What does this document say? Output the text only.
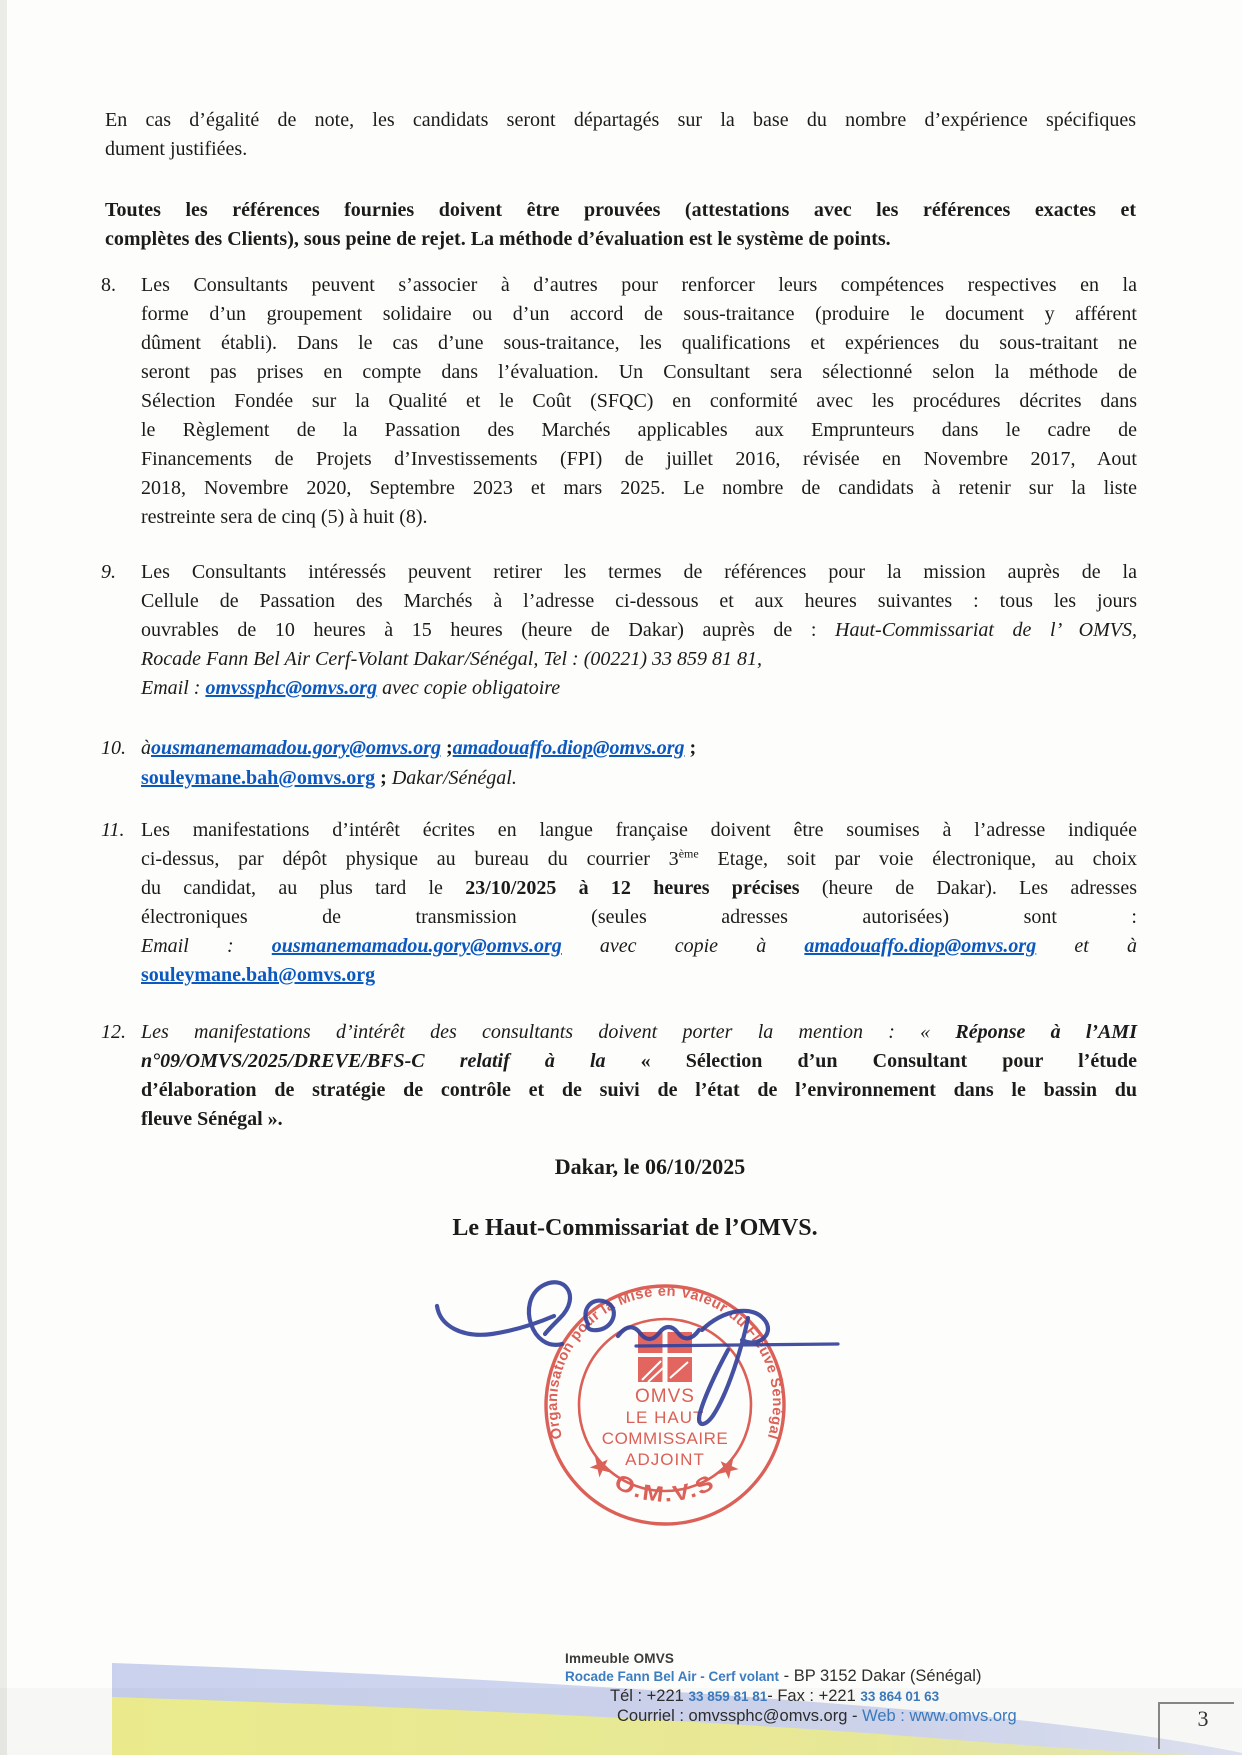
En cas d’égalité de note, les candidats seront départagés sur la base du nombre d’expérience spécifiques
dument justifiées.
Toutes les références fournies doivent être prouvées (attestations avec les références exactes et
complètes des Clients), sous peine de rejet. La méthode d’évaluation est le système de points.
8.	Les Consultants peuvent s’associer à d’autres pour renforcer leurs compétences respectives en la
forme d’un groupement solidaire ou d’un accord de sous-traitance (produire le document y afférent
dûment établi). Dans le cas d’une sous-traitance, les qualifications et expériences du sous-traitant ne
seront pas prises en compte dans l’évaluation. Un Consultant sera sélectionné selon la méthode de
Sélection Fondée sur la Qualité et le Coût (SFQC) en conformité avec les procédures décrites dans
le Règlement de la Passation des Marchés applicables aux Emprunteurs dans le cadre de
Financements de Projets d’Investissements (FPI) de juillet 2016, révisée en Novembre 2017, Aout
2018, Novembre 2020, Septembre 2023 et mars 2025. Le nombre de candidats à retenir sur la liste
restreinte sera de cinq (5) à huit (8).
9.	Les Consultants intéressés peuvent retirer les termes de références pour la mission auprès de la
Cellule de Passation des Marchés à l’adresse ci-dessous et aux heures suivantes : tous les jours
ouvrables de 10 heures à 15 heures (heure de Dakar) auprès de : Haut-Commissariat de l’ OMVS,
Rocade Fann Bel Air Cerf-Volant Dakar/Sénégal, Tel : (00221) 33 859 81 81,
Email : omvssphc@omvs.org avec copie obligatoire
10. àousmanemamadou.gory@omvs.org ;amadouaffo.diop@omvs.org ;
souleymane.bah@omvs.org ; Dakar/Sénégal.
11. Les manifestations d’intérêt écrites en langue française doivent être soumises à l’adresse indiquée
ci-dessus, par dépôt physique au bureau du courrier 3ème Etage, soit par voie électronique, au choix
du candidat, au plus tard le 23/10/2025 à 12 heures précises (heure de Dakar). Les adresses
électroniques de transmission (seules adresses autorisées) sont :
Email : ousmanemamadou.gory@omvs.org avec copie à amadouaffo.diop@omvs.org et à
souleymane.bah@omvs.org
12. Les manifestations d’intérêt des consultants doivent porter la mention : « Réponse à l’AMI
n°09/OMVS/2025/DREVE/BFS-C relatif à la « Sélection d’un Consultant pour l’étude
d’élaboration de stratégie de contrôle et de suivi de l’état de l’environnement dans le bassin du
fleuve Sénégal ».
Dakar, le 06/10/2025
Le Haut-Commissariat de l’OMVS.
Organisation pour la Mise en Valeur du Fleuve Sénégal
OMVS
LE HAUT
COMMISSAIRE
ADJOINT
★ O.M.V.S ★
Immeuble OMVS
Rocade Fann Bel Air - Cerf volant - BP 3152 Dakar (Sénégal)
Tél : +221 33 859 81 81- Fax : +221 33 864 01 63
Courriel : omvssphc@omvs.org - Web : www.omvs.org	3
